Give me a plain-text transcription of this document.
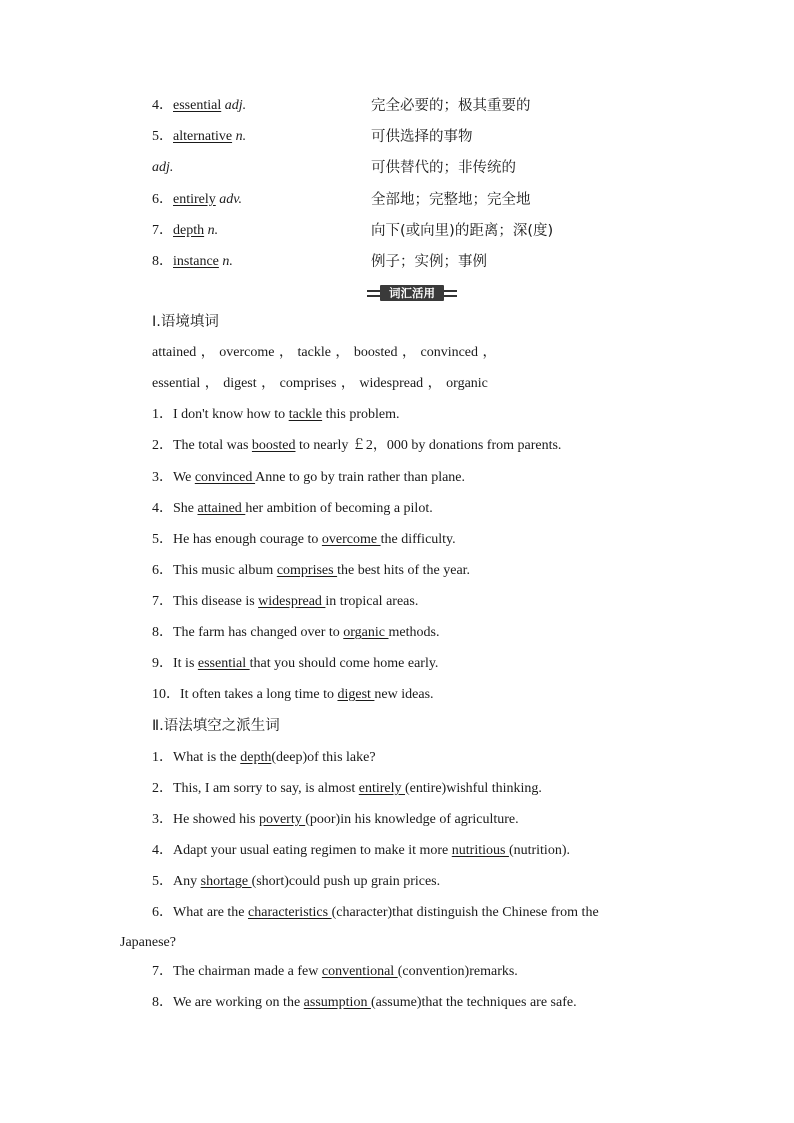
4．essential adj.	完全必要的；极其重要的
5．alternative n.	可供选择的事物
adj.	可供替代的；非传统的
6．entirely adv.	全部地；完整地；完全地
7．depth n.	向下(或向里)的距离；深(度)
8．instance n.	例子；实例；事例
词汇活用
Ⅰ.语境填词
attained ， overcome ， tackle ， boosted ， convinced ，
essential ， digest ， comprises ， widespread ， organic
1．I don't know how to tackle this problem.
2．The total was boosted to nearly ￡2，000 by donations from parents.
3．We convinced Anne to go by train rather than plane.
4．She attained her ambition of becoming a pilot.
5．He has enough courage to overcome the difficulty.
6．This music album comprises the best hits of the year.
7．This disease is widespread in tropical areas.
8．The farm has changed over to organic methods.
9．It is essential that you should come home early.
10．It often takes a long time to digest new ideas.
Ⅱ.语法填空之派生词
1．What is the depth(deep)of this lake?
2．This, I am sorry to say, is almost entirely (entire)wishful thinking.
3．He showed his poverty (poor)in his knowledge of agriculture.
4．Adapt your usual eating regimen to make it more nutritious (nutrition).
5．Any shortage (short)could push up grain prices.
6．What are the characteristics (character)that distinguish the Chinese from the
Japanese?
7．The chairman made a few conventional (convention)remarks.
8．We are working on the assumption (assume)that the techniques are safe.
